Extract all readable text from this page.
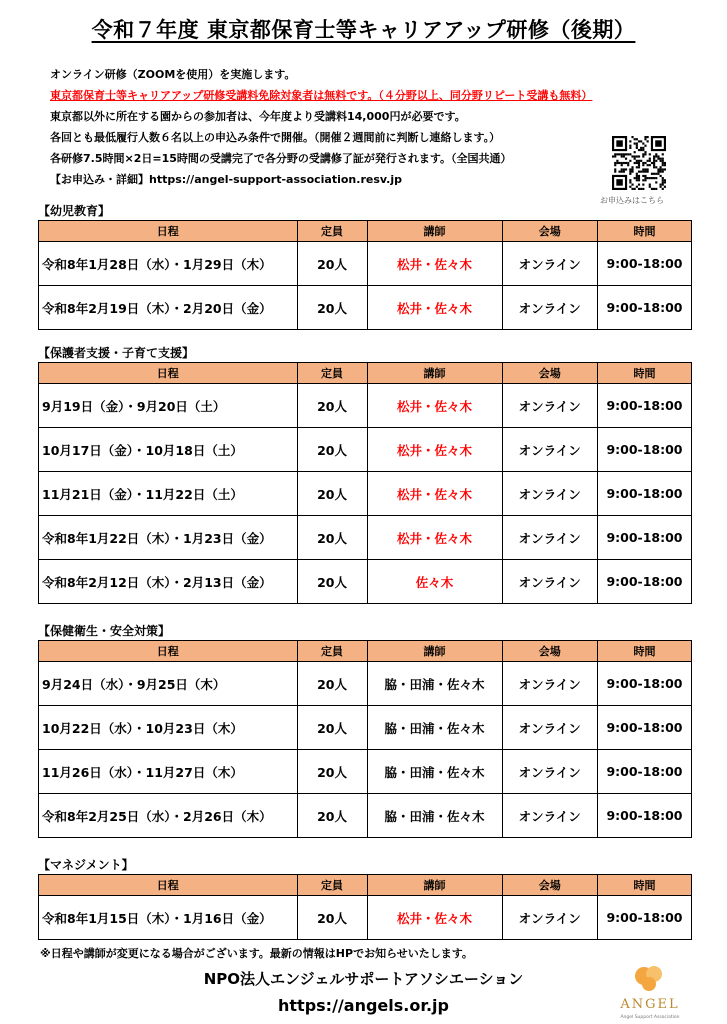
令和７年度 東京都保育士等キャリアアップ研修（後期）
オンライン研修（ZOOMを使用）を実施します。
東京都保育士等キャリアアップ研修受講料免除対象者は無料です。（４分野以上、同分野リピート受講も無料）
東京都以外に所在する園からの参加者は、今年度より受講料14,000円が必要です。
各回とも最低履行人数６名以上の申込み条件で開催。（開催２週間前に判断し連絡します。）
各研修7.5時間×2日=15時間の受講完了で各分野の受講修了証が発行されます。（全国共通）
【お申込み・詳細】https://angel-support-association.resv.jp
お申込みはこちら
【幼児教育】
日程	定員	講師	会場	時間
令和8年1月28日（水）・1月29日（木）	20人	松井・佐々木	オンライン	9:00-18:00
令和8年2月19日（木）・2月20日（金）	20人	松井・佐々木	オンライン	9:00-18:00
【保護者支援・子育て支援】
日程	定員	講師	会場	時間
9月19日（金）・9月20日（土）	20人	松井・佐々木	オンライン	9:00-18:00
10月17日（金）・10月18日（土）	20人	松井・佐々木	オンライン	9:00-18:00
11月21日（金）・11月22日（土）	20人	松井・佐々木	オンライン	9:00-18:00
令和8年1月22日（木）・1月23日（金）	20人	松井・佐々木	オンライン	9:00-18:00
令和8年2月12日（木）・2月13日（金）	20人	佐々木	オンライン	9:00-18:00
【保健衛生・安全対策】
日程	定員	講師	会場	時間
9月24日（水）・9月25日（木）	20人	脇・田浦・佐々木	オンライン	9:00-18:00
10月22日（水）・10月23日（木）	20人	脇・田浦・佐々木	オンライン	9:00-18:00
11月26日（水）・11月27日（木）	20人	脇・田浦・佐々木	オンライン	9:00-18:00
令和8年2月25日（水）・2月26日（木）	20人	脇・田浦・佐々木	オンライン	9:00-18:00
【マネジメント】
日程	定員	講師	会場	時間
令和8年1月15日（木）・1月16日（金）	20人	松井・佐々木	オンライン	9:00-18:00
※日程や講師が変更になる場合がございます。最新の情報はHPでお知らせいたします。
NPO法人エンジェルサポートアソシエーション
https://angels.or.jp	ANGEL
Angel Support Association
